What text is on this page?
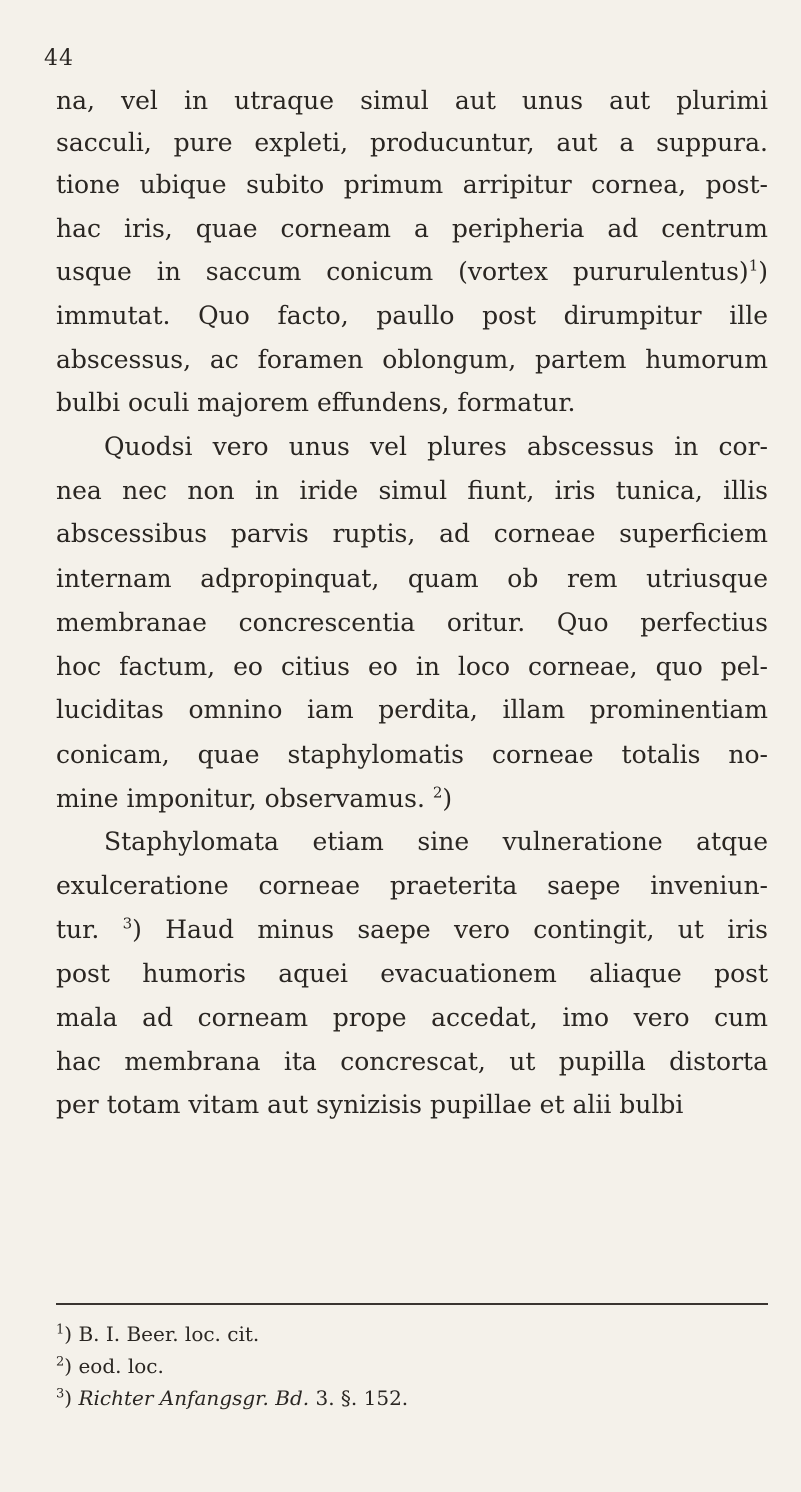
44
na, vel in utraque simul aut unus aut plurimi
sacculi, pure expleti, producuntur, aut a suppura.
tione ubique subito primum arripitur cornea, post-
hac iris, quae corneam a peripheria ad centrum
usque in saccum conicum (vortex pururulentus)$^1$)
immutat. Quo facto, paullo post dirumpitur ille
abscessus, ac foramen oblongum, partem humorum
bulbi oculi majorem effundens, formatur.
Quodsi vero unus vel plures abscessus in cor-
nea nec non in iride simul fiunt, iris tunica, illis
abscessibus parvis ruptis, ad corneae superficiem
internam adpropinquat, quam ob rem utriusque
membranae concrescentia oritur. Quo perfectius
hoc factum, eo citius eo in loco corneae, quo pel-
luciditas omnino iam perdita, illam prominentiam
conicam, quae staphylomatis corneae totalis no-
mine imponitur, observamus. $^2$)
Staphylomata etiam sine vulneratione atque
exulceratione corneae praeterita saepe inveniun-
tur. $^3$) Haud minus saepe vero contingit, ut iris
post humoris aquei evacuationem aliaque post
mala ad corneam prope accedat, imo vero cum
hac membrana ita concrescat, ut pupilla distorta
per totam vitam aut synizisis pupillae et alii bulbi
$^1$) B. I. Beer. loc. cit.
$^2$) eod. loc.
$^3$) Richter Anfangsgr. Bd. 3. §. 152.
